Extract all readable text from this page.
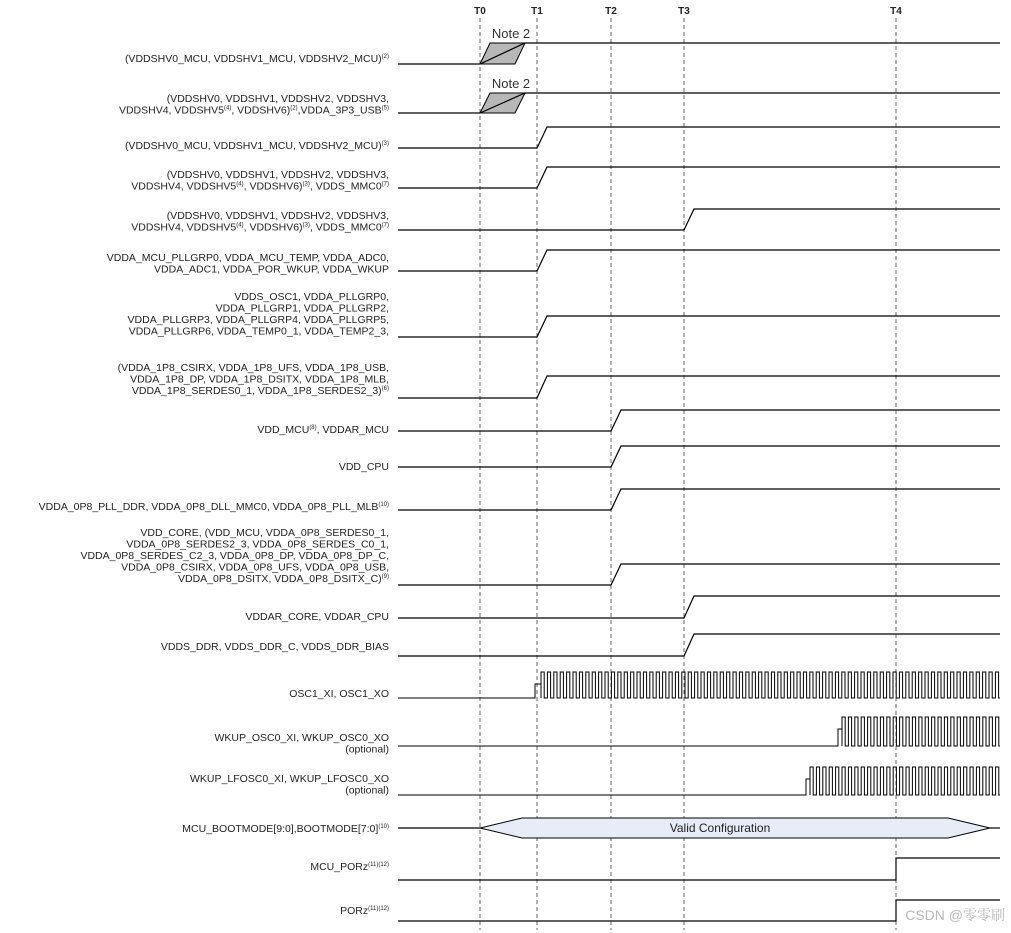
T0	T1	T2	T3	T4
Note 2
Note 2
Valid Configuration
(VDDSHV0_MCU, VDDSHV1_MCU, VDDSHV2_MCU)$^{(2)}$
(VDDSHV0, VDDSHV1, VDDSHV2, VDDSHV3, VDDSHV4, VDDSHV5$^{(4)}$, VDDSHV6)$^{(2)}$,VDDA_3P3_USB$^{(5)}$
(VDDSHV0_MCU, VDDSHV1_MCU, VDDSHV2_MCU)$^{(3)}$
(VDDSHV0, VDDSHV1, VDDSHV2, VDDSHV3, VDDSHV4, VDDSHV5$^{(4)}$, VDDSHV6)$^{(3)}$, VDDS_MMC0$^{(7)}$
(VDDSHV0, VDDSHV1, VDDSHV2, VDDSHV3, VDDSHV4, VDDSHV5$^{(4)}$, VDDSHV6)$^{(3)}$, VDDS_MMC0$^{(7)}$
VDDA_MCU_PLLGRP0, VDDA_MCU_TEMP, VDDA_ADC0, VDDA_ADC1, VDDA_POR_WKUP, VDDA_WKUP
VDDS_OSC1, VDDA_PLLGRP0, VDDA_PLLGRP1, VDDA_PLLGRP2, VDDA_PLLGRP3, VDDA_PLLGRP4, VDDA_PLLGRP5, VDDA_PLLGRP6, VDDA_TEMP0_1, VDDA_TEMP2_3,
(VDDA_1P8_CSIRX, VDDA_1P8_UFS, VDDA_1P8_USB, VDDA_1P8_DP, VDDA_1P8_DSITX, VDDA_1P8_MLB, VDDA_1P8_SERDES0_1, VDDA_1P8_SERDES2_3)$^{(6)}$
VDD_MCU$^{(8)}$, VDDAR_MCU
VDD_CPU
VDDA_0P8_PLL_DDR, VDDA_0P8_DLL_MMC0, VDDA_0P8_PLL_MLB$^{(10)}$
VDD_CORE, (VDD_MCU, VDDA_0P8_SERDES0_1, VDDA_0P8_SERDES2_3, VDDA_0P8_SERDES_C0_1, VDDA_0P8_SERDES_C2_3, VDDA_0P8_DP, VDDA_0P8_DP_C, VDDA_0P8_CSIRX, VDDA_0P8_UFS, VDDA_0P8_USB, VDDA_0P8_DSITX, VDDA_0P8_DSITX_C)$^{(9)}$
VDDAR_CORE, VDDAR_CPU
VDDS_DDR, VDDS_DDR_C, VDDS_DDR_BIAS
OSC1_XI, OSC1_XO
WKUP_OSC0_XI, WKUP_OSC0_XO (optional)
WKUP_LFOSC0_XI, WKUP_LFOSC0_XO (optional)
MCU_BOOTMODE[9:0],BOOTMODE[7:0]$^{(10)}$
MCU_PORz$^{(11)(12)}$
PORz$^{(11)(12)}$	CSDN @零零刷
